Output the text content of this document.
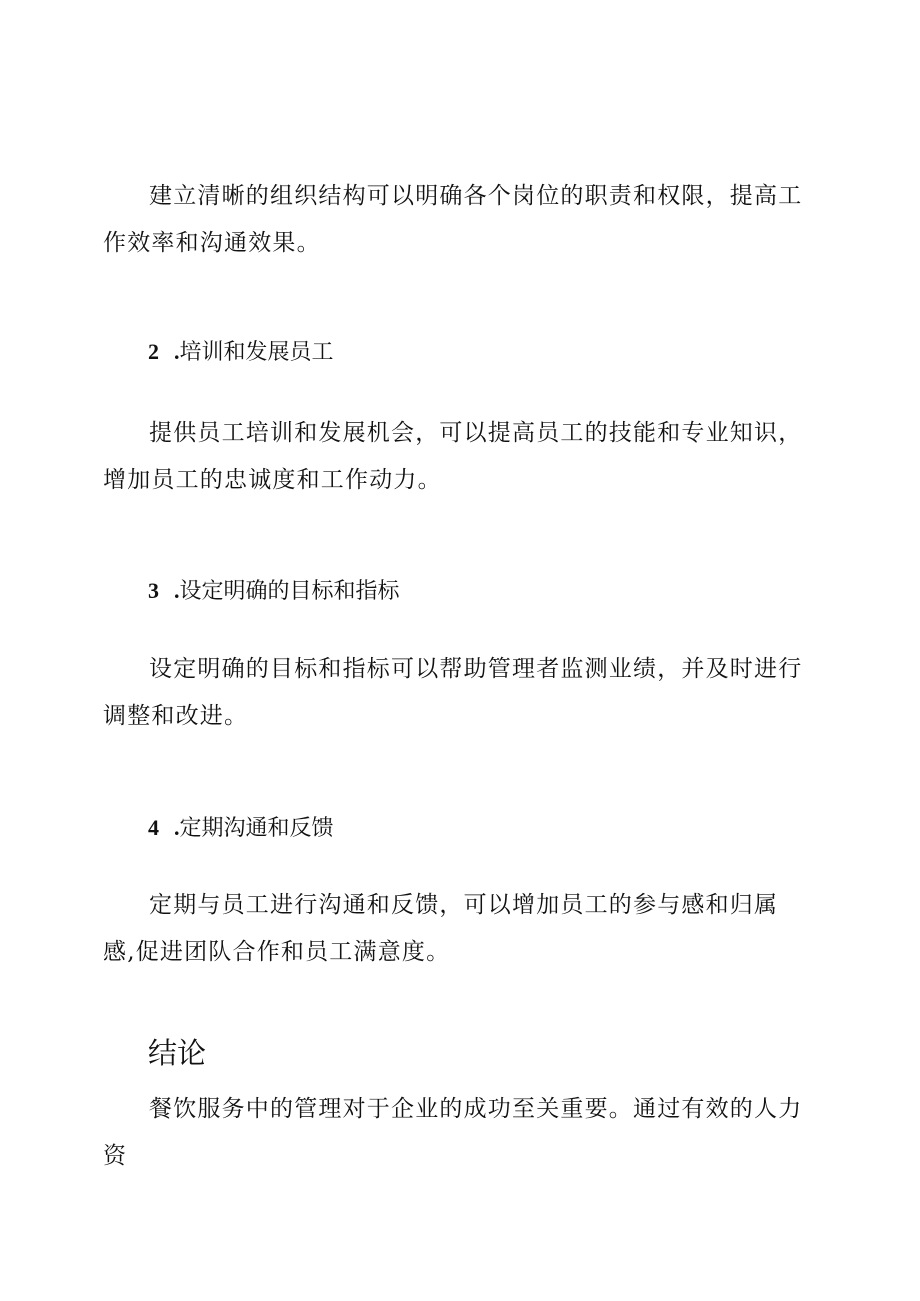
建立清晰的组织结构可以明确各个岗位的职责和权限，提高工作效率和沟通效果。

2 .培训和发展员工

提供员工培训和发展机会，可以提高员工的技能和专业知识，增加员工的忠诚度和工作动力。

3 .设定明确的目标和指标

设定明确的目标和指标可以帮助管理者监测业绩，并及时进行调整和改进。

4 .定期沟通和反馈

定期与员工进行沟通和反馈，可以增加员工的参与感和归属感,促进团队合作和员工满意度。

结论

餐饮服务中的管理对于企业的成功至关重要。通过有效的人力资
